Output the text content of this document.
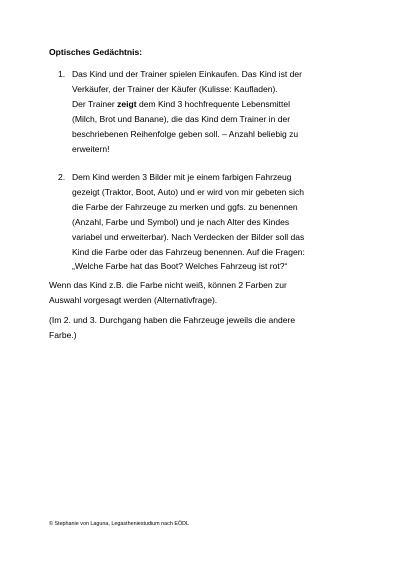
Optisches Gedächtnis:
1. Das Kind und der Trainer spielen Einkaufen. Das Kind ist der
Verkäufer, der Trainer der Käufer (Kulisse: Kaufladen).
Der Trainer zeigt dem Kind 3 hochfrequente Lebensmittel
(Milch, Brot und Banane), die das Kind dem Trainer in der
beschriebenen Reihenfolge geben soll. – Anzahl beliebig zu
erweitern!
2. Dem Kind werden 3 Bilder mit je einem farbigen Fahrzeug
gezeigt (Traktor, Boot, Auto) und er wird von mir gebeten sich
die Farbe der Fahrzeuge zu merken und ggfs. zu benennen
(Anzahl, Farbe und Symbol) und je nach Alter des Kindes
variabel und erweiterbar). Nach Verdecken der Bilder soll das
Kind die Farbe oder das Fahrzeug benennen. Auf die Fragen:
„Welche Farbe hat das Boot? Welches Fahrzeug ist rot?“
Wenn das Kind z.B. die Farbe nicht weiß, können 2 Farben zur
Auswahl vorgesagt werden (Alternativfrage).
(Im 2. und 3. Durchgang haben die Fahrzeuge jeweils die andere
Farbe.)
© Stephanie von Laguna, Legastheniestudium nach EÖDL
